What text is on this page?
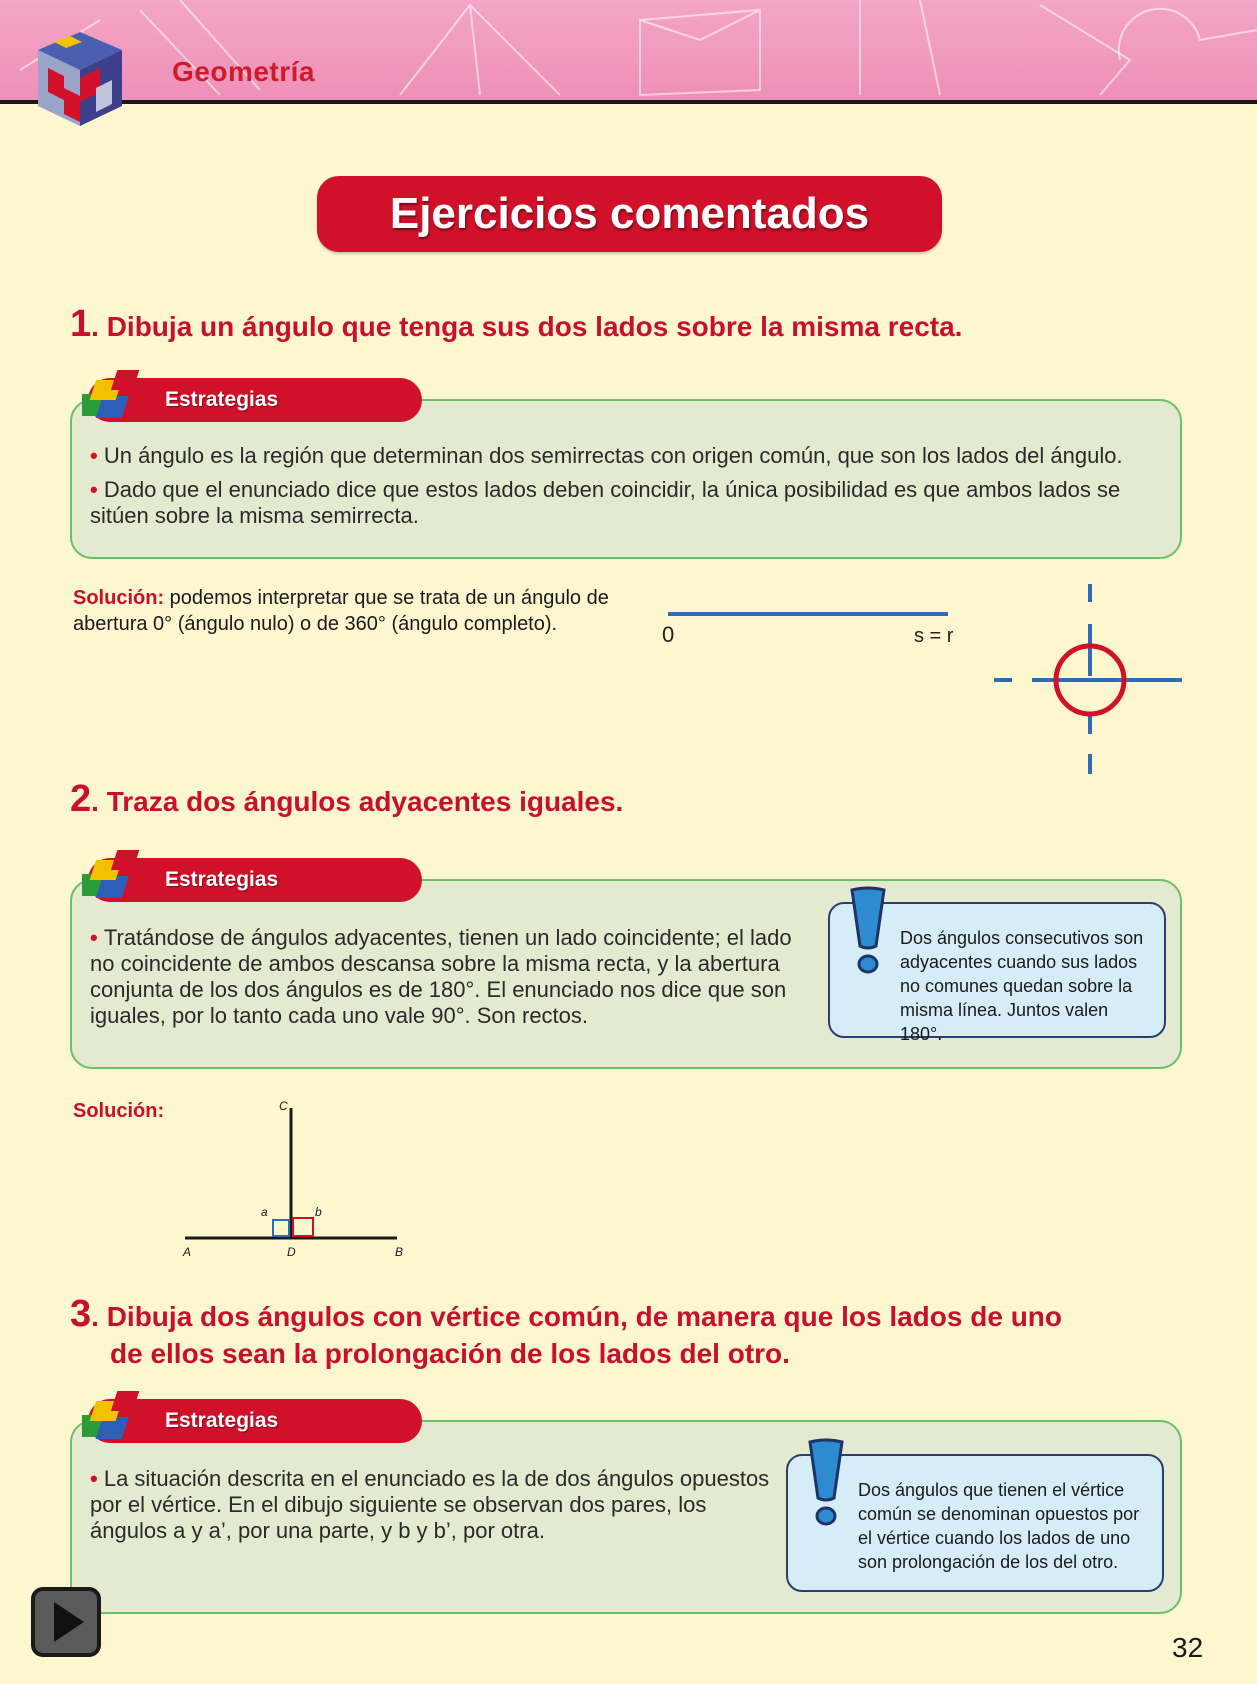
Geometría
Ejercicios comentados
1. Dibuja un ángulo que tenga sus dos lados sobre la misma recta.
• Un ángulo es la región que determinan dos semirrectas con origen común, que son los lados del ángulo.
• Dado que el enunciado dice que estos lados deben coincidir, la única posibilidad es que ambos lados se sitúen sobre la misma semirrecta.
Estrategias
Solución: podemos interpretar que se trata de un ángulo de abertura 0° (ángulo nulo) o de 360° (ángulo completo).	0	s = r
2. Traza dos ángulos adyacentes iguales.
• Tratándose de ángulos adyacentes, tienen un lado coincidente; el lado no coincidente de ambos descansa sobre la misma recta, y la abertura conjunta de los dos ángulos es de 180°. El enunciado nos dice que son iguales, por lo tanto cada uno vale 90°. Son rectos.
Estrategias
Dos ángulos consecutivos son adyacentes cuando sus lados no comunes quedan sobre la misma línea. Juntos valen 180°.
Solución:	C
a	b
A	D	B
3. Dibuja dos ángulos con vértice común, de manera que los lados de uno
de ellos sean la prolongación de los lados del otro.
• La situación descrita en el enunciado es la de dos ángulos opuestos por el vértice. En el dibujo siguiente se observan dos pares, los ángulos a y a’, por una parte, y b y b’, por otra.
Estrategias
Dos ángulos que tienen el vértice común se denominan opuestos por el vértice cuando los lados de uno son prolongación de los del otro.
32
